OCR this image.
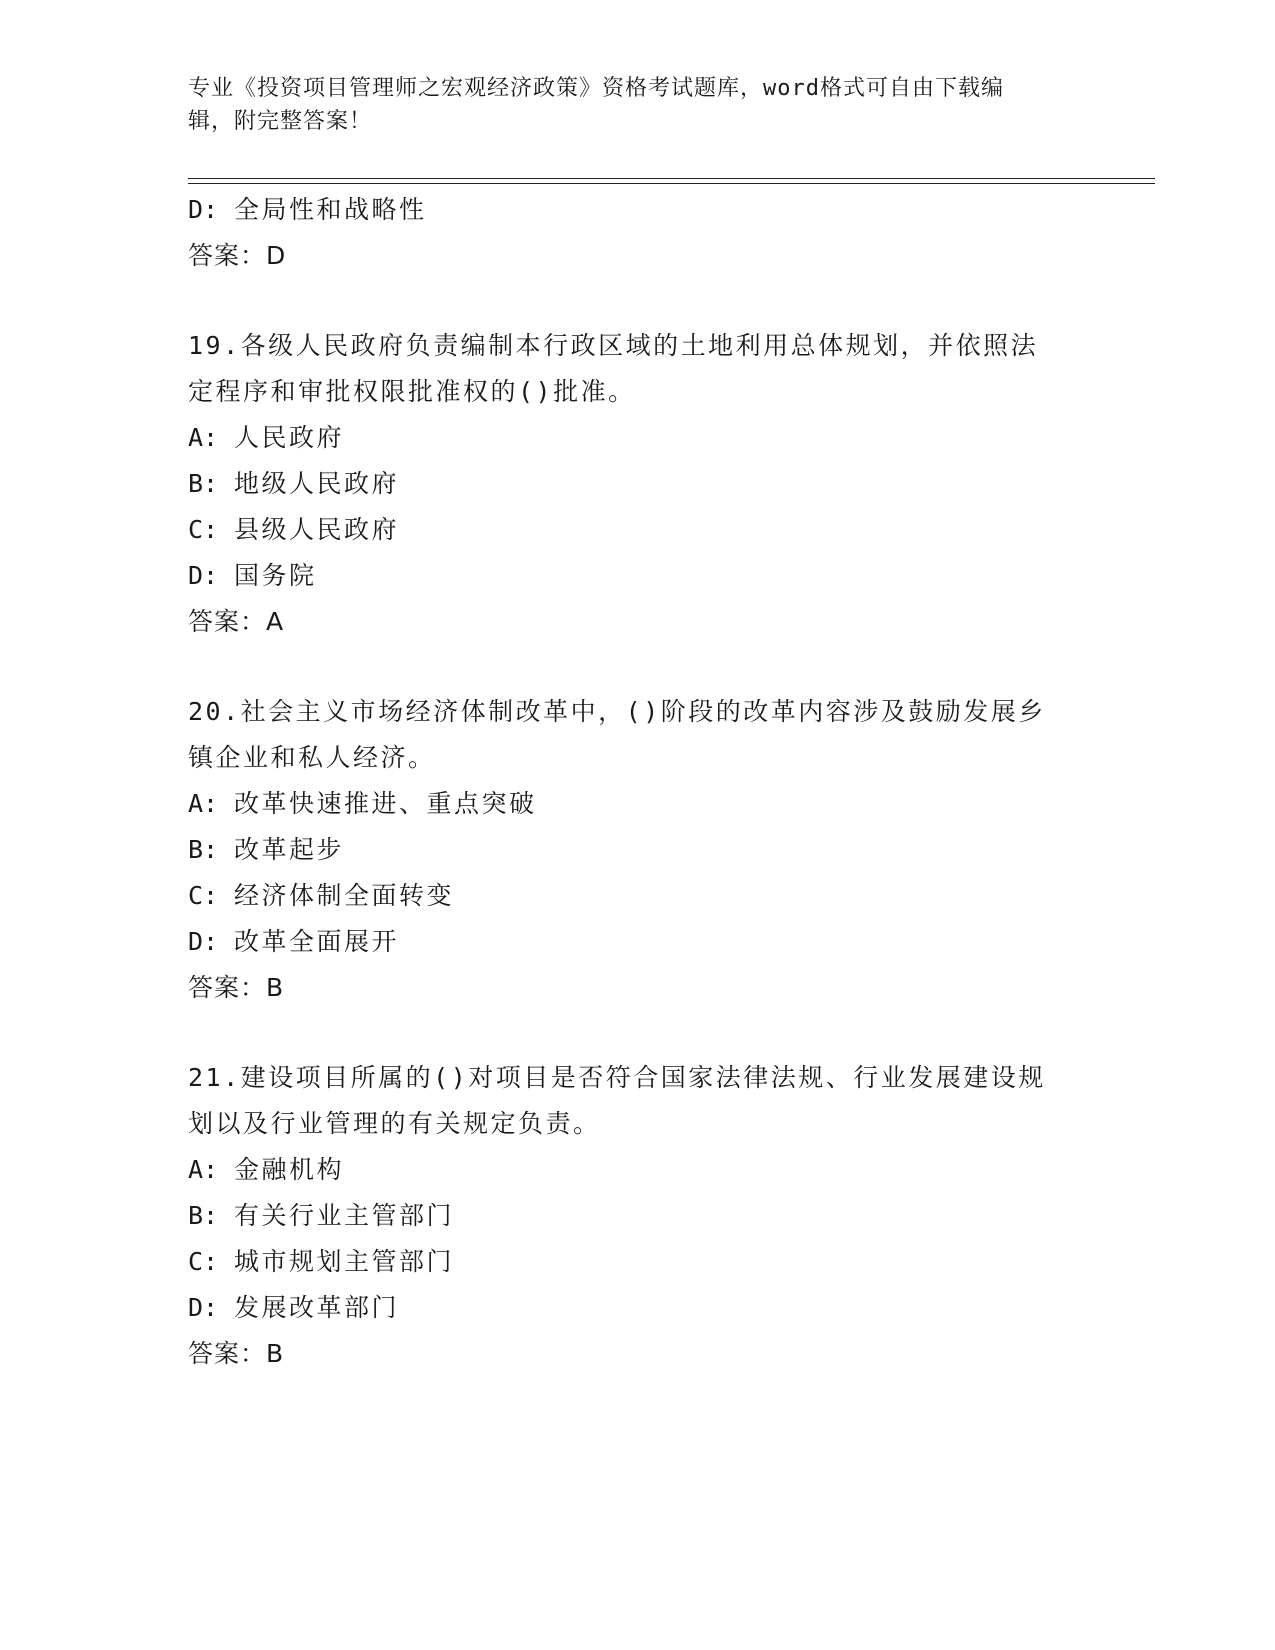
专业《投资项目管理师之宏观经济政策》资格考试题库，word格式可自由下载编
辑，附完整答案！
D: 全局性和战略性
答案：D
19.各级人民政府负责编制本行政区域的土地利用总体规划，并依照法
定程序和审批权限批准权的()批准。
A: 人民政府
B: 地级人民政府
C: 县级人民政府
D: 国务院
答案：A
20.社会主义市场经济体制改革中，()阶段的改革内容涉及鼓励发展乡
镇企业和私人经济。
A: 改革快速推进、重点突破
B: 改革起步
C: 经济体制全面转变
D: 改革全面展开
答案：B
21.建设项目所属的()对项目是否符合国家法律法规、行业发展建设规
划以及行业管理的有关规定负责。
A: 金融机构
B: 有关行业主管部门
C: 城市规划主管部门
D: 发展改革部门
答案：B
